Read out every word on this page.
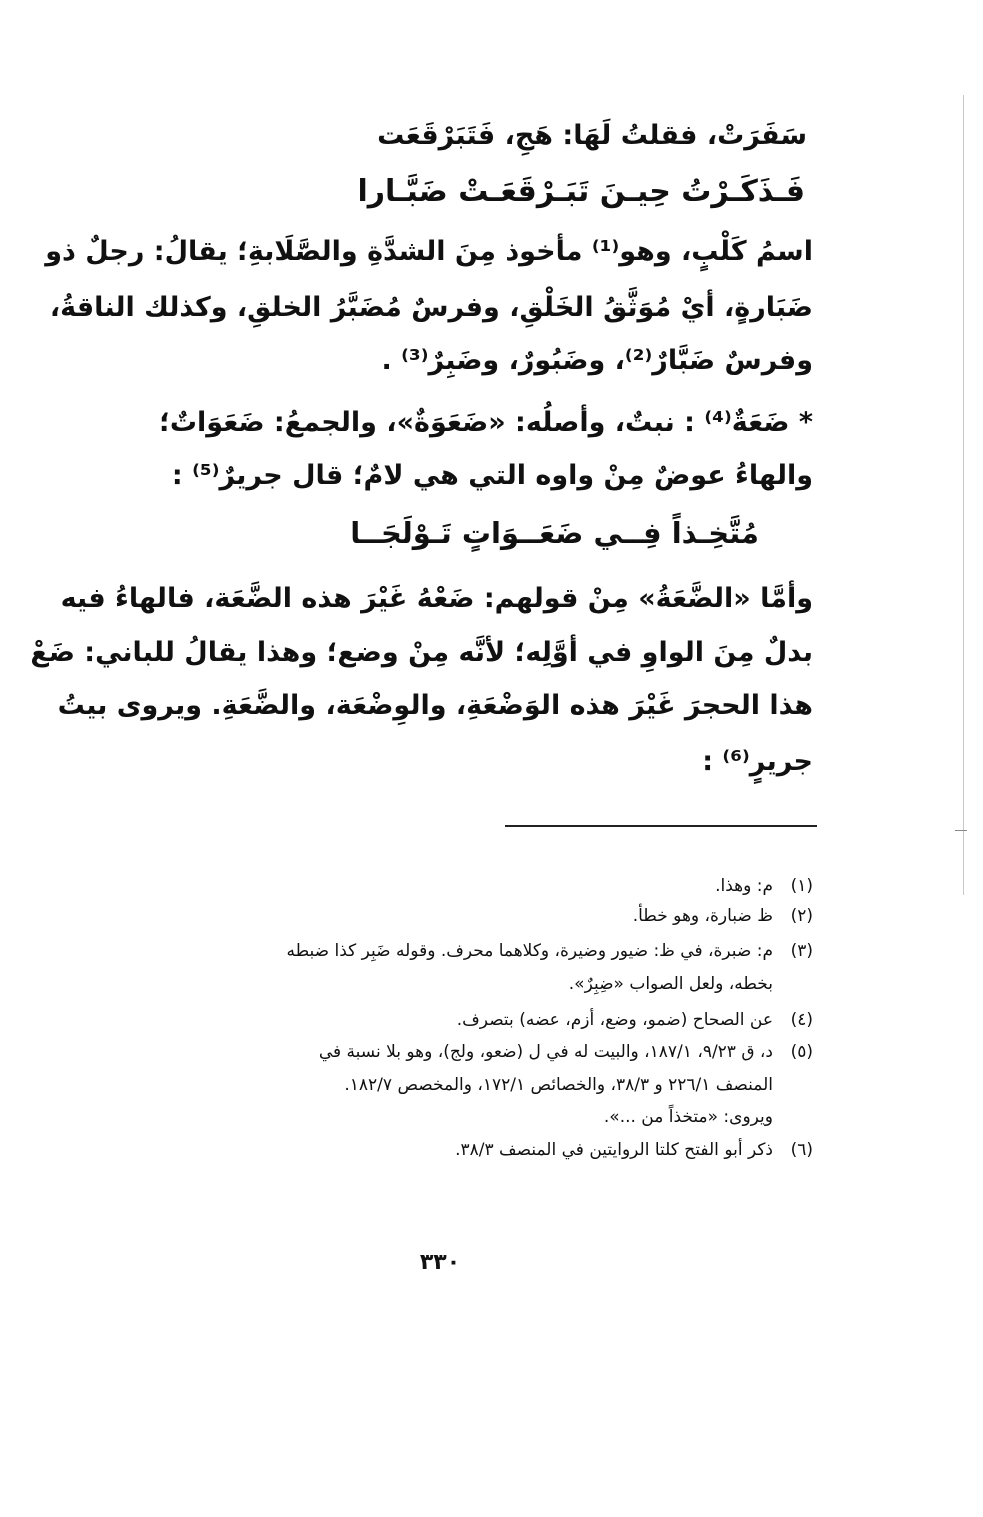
سَفَرَتْ، فقلتُ لَهَا: هَجِ، فَتَبَرْقَعَت
فَـذَكَـرْتُ حِيـنَ تَبَـرْقَعَـتْ ضَبَّـارا
اسمُ كَلْبٍ، وهو⁽¹⁾ مأخوذ مِنَ الشدَّةِ والصَّلَابةِ؛ يقالُ: رجلٌ ذو
ضَبَارةٍ، أيْ مُوَثَّقُ الخَلْقِ، وفرسٌ مُضَبَّرُ الخلقِ، وكذلك الناقةُ،
وفرسٌ ضَبَّارٌ⁽²⁾، وضَبُورٌ، وضَبِرٌ⁽³⁾ .
* ضَعَةٌ⁽⁴⁾ : نبتٌ، وأصلُه: «ضَعَوَةٌ»، والجمعُ: ضَعَوَاتٌ؛
والهاءُ عوضٌ مِنْ واوه التي هي لامٌ؛ قال جريرٌ⁽⁵⁾ :
مُتَّخِـذاً فِــي ضَعَــوَاتٍ تَـوْلَجَــا
وأمَّا «الضَّعَةُ» مِنْ قولهم: ضَعْهُ غَيْرَ هذه الضَّعَة، فالهاءُ فيه
بدلٌ مِنَ الواوِ في أوَّلِه؛ لأنَّه مِنْ وضع؛ وهذا يقالُ للباني: ضَعْ
هذا الحجرَ غَيْرَ هذه الوَضْعَةِ، والوِضْعَة، والضَّعَةِ. ويروى بيتُ
جريرٍ⁽⁶⁾ :
(١)
م: وهذا.
(٢)
ظ ضبارة، وهو خطأ.
(٣)
م: ضبرة، في ظ: ضيور وضيرة، وكلاهما محرف. وقوله ضَبِر كذا ضبطه
بخطه، ولعل الصواب «ضِبِرٌ».
(٤)
عن الصحاح (ضمو، وضع، أزم، عضه) بتصرف.
(٥)
د، ق ٩/٢٣، ١٨٧/١، والبيت له في ل (ضعو، ولج)، وهو بلا نسبة في
المنصف ٢٢٦/١ و ٣٨/٣، والخصائص ١٧٢/١، والمخصص ١٨٢/٧.
ويروى: «متخذاً من ...».
(٦)
ذكر أبو الفتح كلتا الروايتين في المنصف ٣٨/٣.
٣٣٠
